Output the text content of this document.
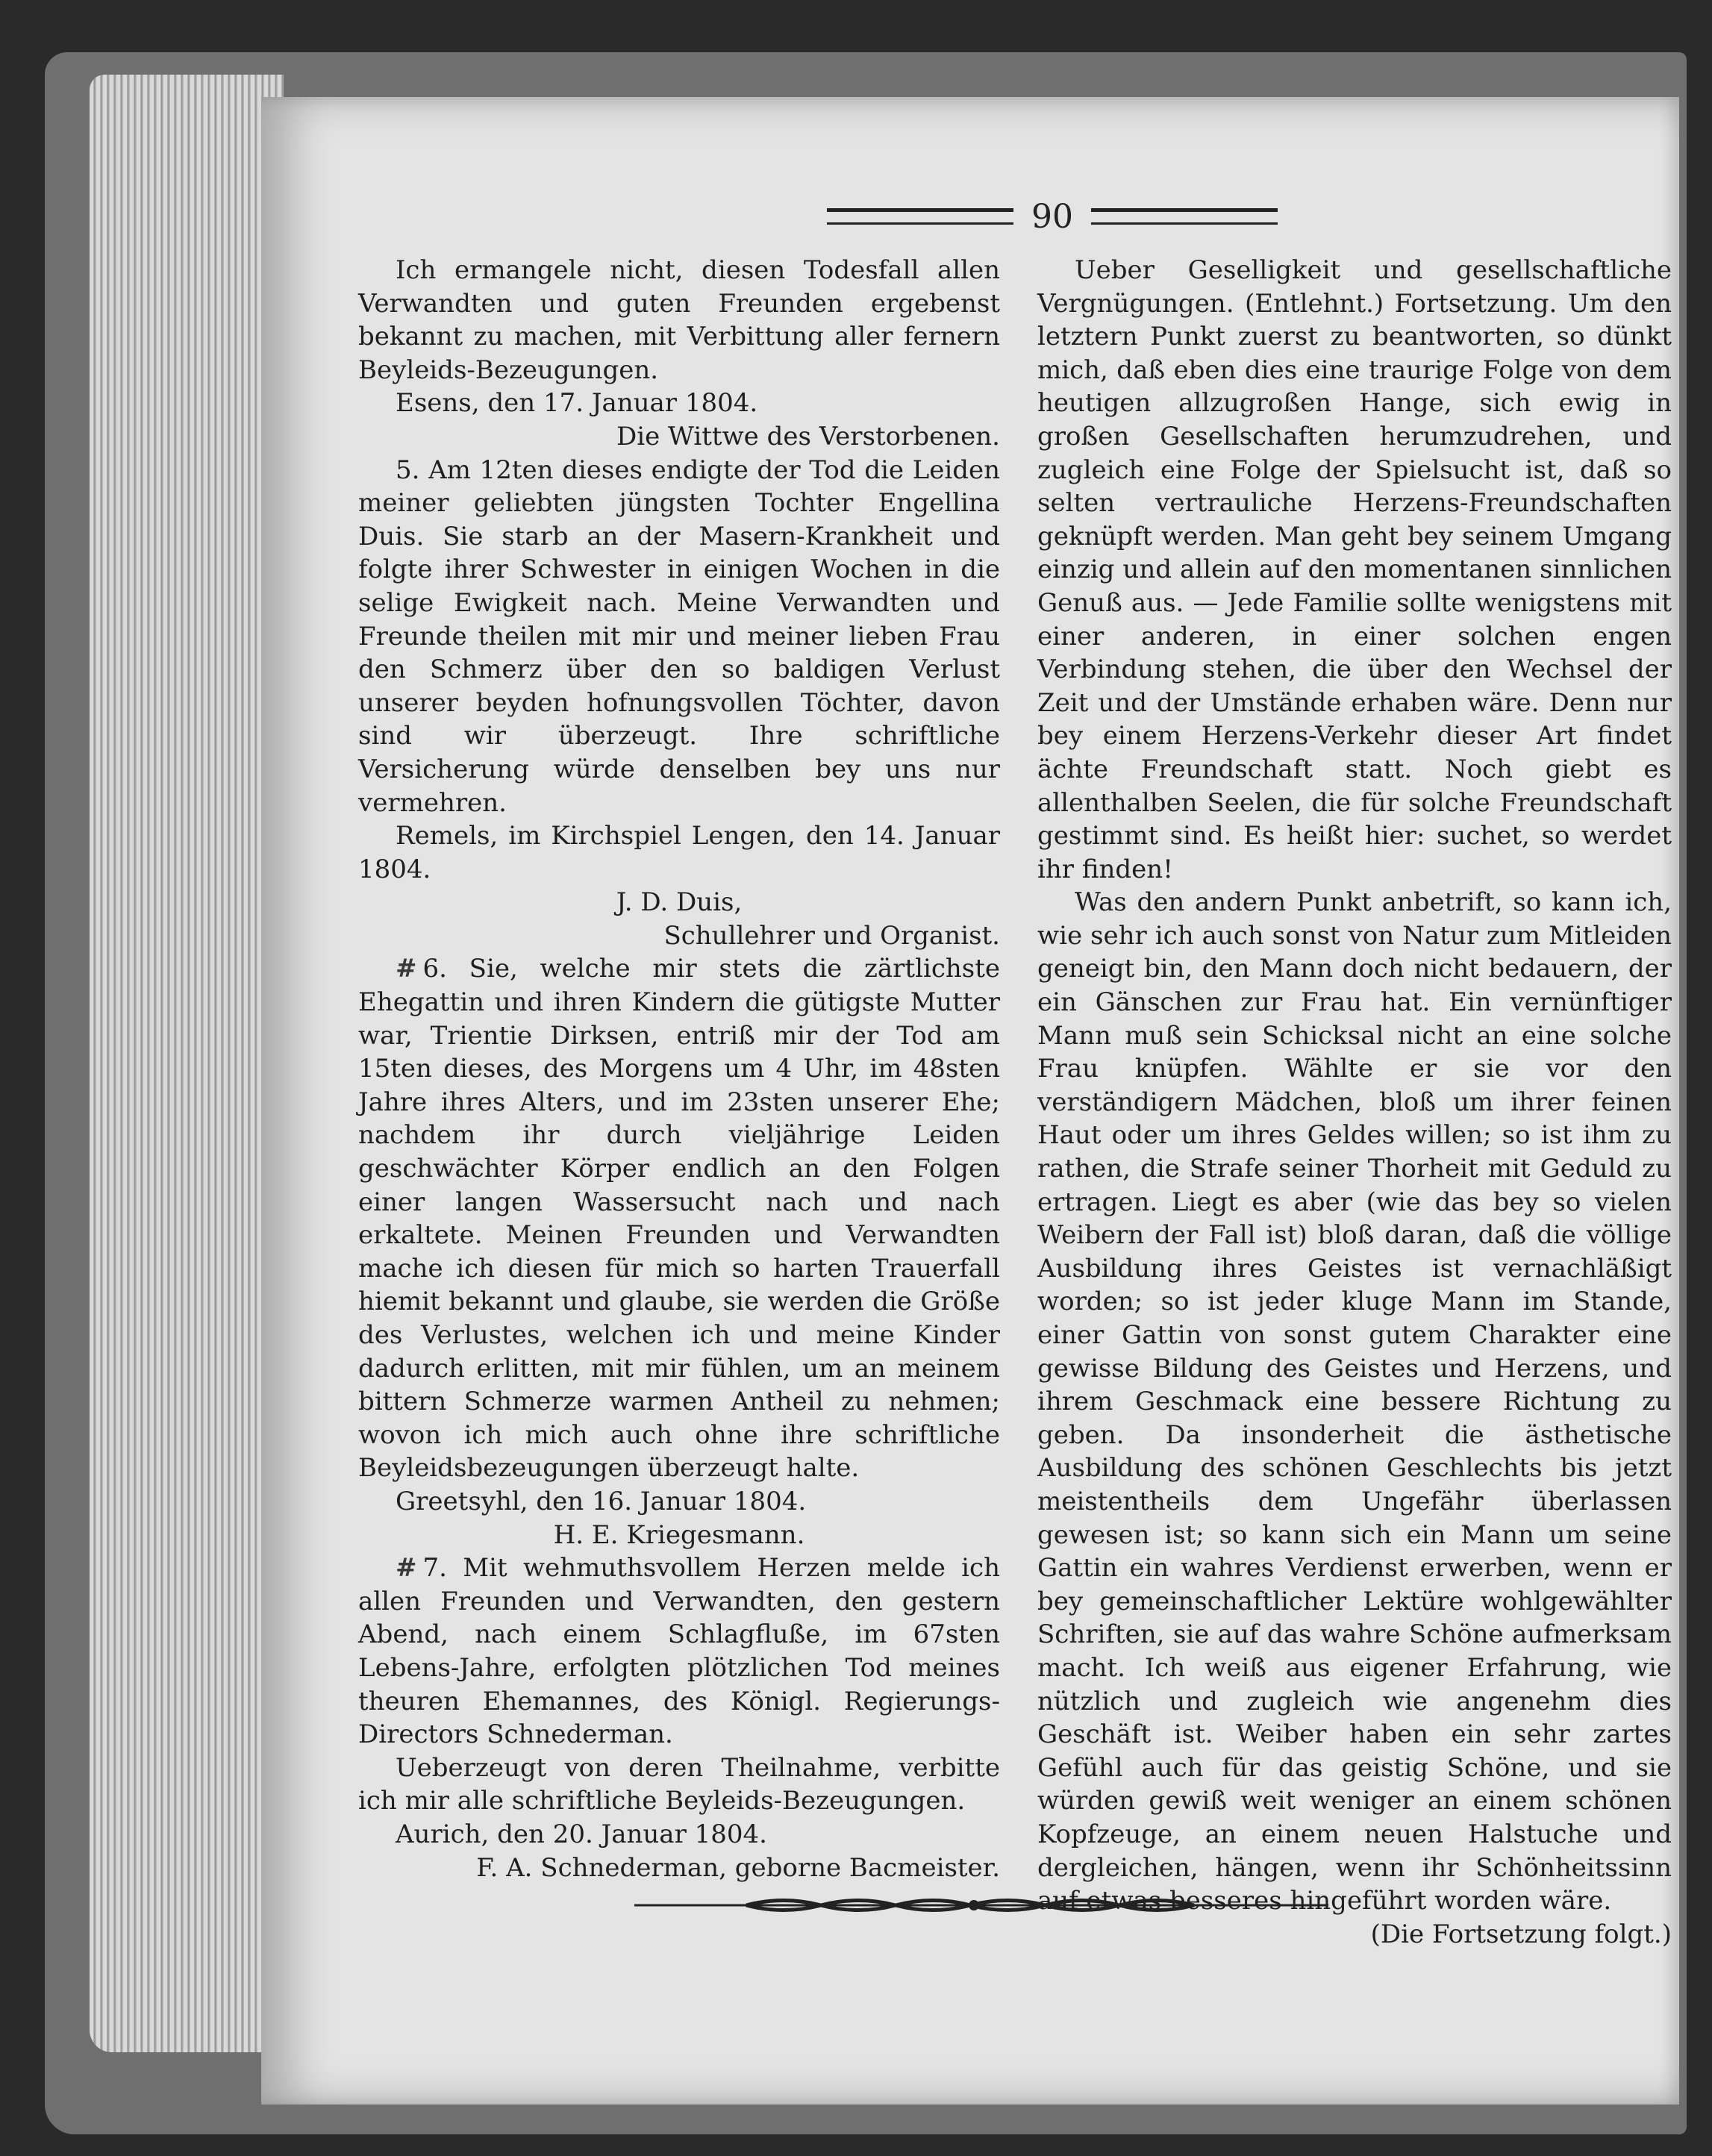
90

Ich ermangele nicht, diesen Todesfall allen Verwandten und guten Freunden ergebenst bekannt zu machen, mit Verbittung aller fernern Beyleids-Bezeugungen.

Esens, den 17. Januar 1804.

Die Wittwe des Verstorbenen.

5. Am 12ten dieses endigte der Tod die Leiden meiner geliebten jüngsten Tochter Engellina Duis. Sie starb an der Masern-Krankheit und folgte ihrer Schwester in einigen Wochen in die selige Ewigkeit nach. Meine Verwandten und Freunde theilen mit mir und meiner lieben Frau den Schmerz über den so baldigen Verlust unserer beyden hofnungsvollen Töchter, davon sind wir überzeugt. Ihre schriftliche Versicherung würde denselben bey uns nur vermehren.

Remels, im Kirchspiel Lengen, den 14. Januar 1804.

J. D. Duis,

Schullehrer und Organist.

# 6. Sie, welche mir stets die zärtlichste Ehegattin und ihren Kindern die gütigste Mutter war, Trientie Dirksen, entriß mir der Tod am 15ten dieses, des Morgens um 4 Uhr, im 48sten Jahre ihres Alters, und im 23sten unserer Ehe; nachdem ihr durch vieljährige Leiden geschwächter Körper endlich an den Folgen einer langen Wassersucht nach und nach erkaltete. Meinen Freunden und Verwandten mache ich diesen für mich so harten Trauerfall hiemit bekannt und glaube, sie werden die Größe des Verlustes, welchen ich und meine Kinder dadurch erlitten, mit mir fühlen, um an meinem bittern Schmerze warmen Antheil zu nehmen; wovon ich mich auch ohne ihre schriftliche Beyleidsbezeugungen überzeugt halte.

Greetsyhl, den 16. Januar 1804.

H. E. Kriegesmann.

# 7. Mit wehmuthsvollem Herzen melde ich allen Freunden und Verwandten, den gestern Abend, nach einem Schlagfluße, im 67sten Lebens-Jahre, erfolgten plötzlichen Tod meines theuren Ehemannes, des Königl. Regierungs-Directors Schnederman.

Ueberzeugt von deren Theilnahme, verbitte ich mir alle schriftliche Beyleids-Bezeugungen.

Aurich, den 20. Januar 1804.

F. A. Schnederman, geborne Bacmeister.

Ueber Geselligkeit und gesellschaftliche Vergnügungen. (Entlehnt.) Fortsetzung. Um den letztern Punkt zuerst zu beantworten, so dünkt mich, daß eben dies eine traurige Folge von dem heutigen allzugroßen Hange, sich ewig in großen Gesellschaften herumzudrehen, und zugleich eine Folge der Spielsucht ist, daß so selten vertrauliche Herzens-Freundschaften geknüpft werden. Man geht bey seinem Umgang einzig und allein auf den momentanen sinnlichen Genuß aus. — Jede Familie sollte wenigstens mit einer anderen, in einer solchen engen Verbindung stehen, die über den Wechsel der Zeit und der Umstände erhaben wäre. Denn nur bey einem Herzens-Verkehr dieser Art findet ächte Freundschaft statt. Noch giebt es allenthalben Seelen, die für solche Freundschaft gestimmt sind. Es heißt hier: suchet, so werdet ihr finden!

Was den andern Punkt anbetrift, so kann ich, wie sehr ich auch sonst von Natur zum Mitleiden geneigt bin, den Mann doch nicht bedauern, der ein Gänschen zur Frau hat. Ein vernünftiger Mann muß sein Schicksal nicht an eine solche Frau knüpfen. Wählte er sie vor den verständigern Mädchen, bloß um ihrer feinen Haut oder um ihres Geldes willen; so ist ihm zu rathen, die Strafe seiner Thorheit mit Geduld zu ertragen. Liegt es aber (wie das bey so vielen Weibern der Fall ist) bloß daran, daß die völlige Ausbildung ihres Geistes ist vernachläßigt worden; so ist jeder kluge Mann im Stande, einer Gattin von sonst gutem Charakter eine gewisse Bildung des Geistes und Herzens, und ihrem Geschmack eine bessere Richtung zu geben. Da insonderheit die ästhetische Ausbildung des schönen Geschlechts bis jetzt meistentheils dem Ungefähr überlassen gewesen ist; so kann sich ein Mann um seine Gattin ein wahres Verdienst erwerben, wenn er bey gemeinschaftlicher Lektüre wohlgewählter Schriften, sie auf das wahre Schöne aufmerksam macht. Ich weiß aus eigener Erfahrung, wie nützlich und zugleich wie angenehm dies Geschäft ist. Weiber haben ein sehr zartes Gefühl auch für das geistig Schöne, und sie würden gewiß weit weniger an einem schönen Kopfzeuge, an einem neuen Halstuche und dergleichen, hängen, wenn ihr Schönheitssinn auf etwas besseres hingeführt worden wäre.

(Die Fortsetzung folgt.)
